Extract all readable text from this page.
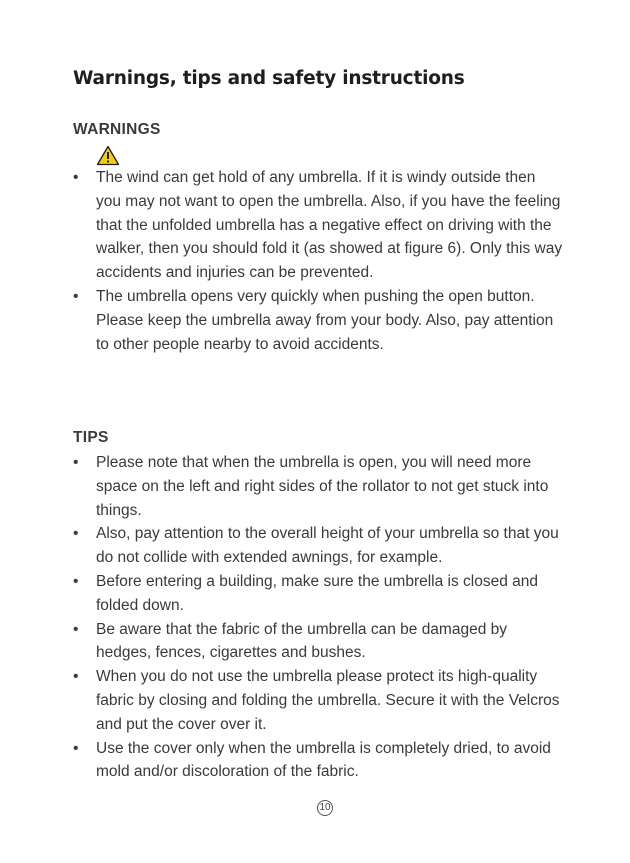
Warnings, tips and safety instructions
WARNINGS
•	The wind can get hold of any umbrella. If it is windy outside then you may not want to open the umbrella. Also, if you have the feeling that the unfolded umbrella has a negative effect on driving with the walker, then you should fold it (as showed at figure 6). Only this way accidents and injuries can be prevented.
•	The umbrella opens very quickly when pushing the open button. Please keep the umbrella away from your body. Also, pay attention to other people nearby to avoid accidents.
TIPS
•	Please note that when the umbrella is open, you will need more space on the left and right sides of the rollator to not get stuck into things.
•	Also, pay attention to the overall height of your umbrella so that you do not collide with extended awnings, for example.
•	Before entering a building, make sure the umbrella is closed and folded down.
•	Be aware that the fabric of the umbrella can be damaged by hedges, fences, cigarettes and bushes.
•	When you do not use the umbrella please protect its high-quality fabric by closing and folding the umbrella. Secure it with the Velcros and put the cover over it.
•	Use the cover only when the umbrella is completely dried, to avoid mold and/or discoloration of the fabric.
10
